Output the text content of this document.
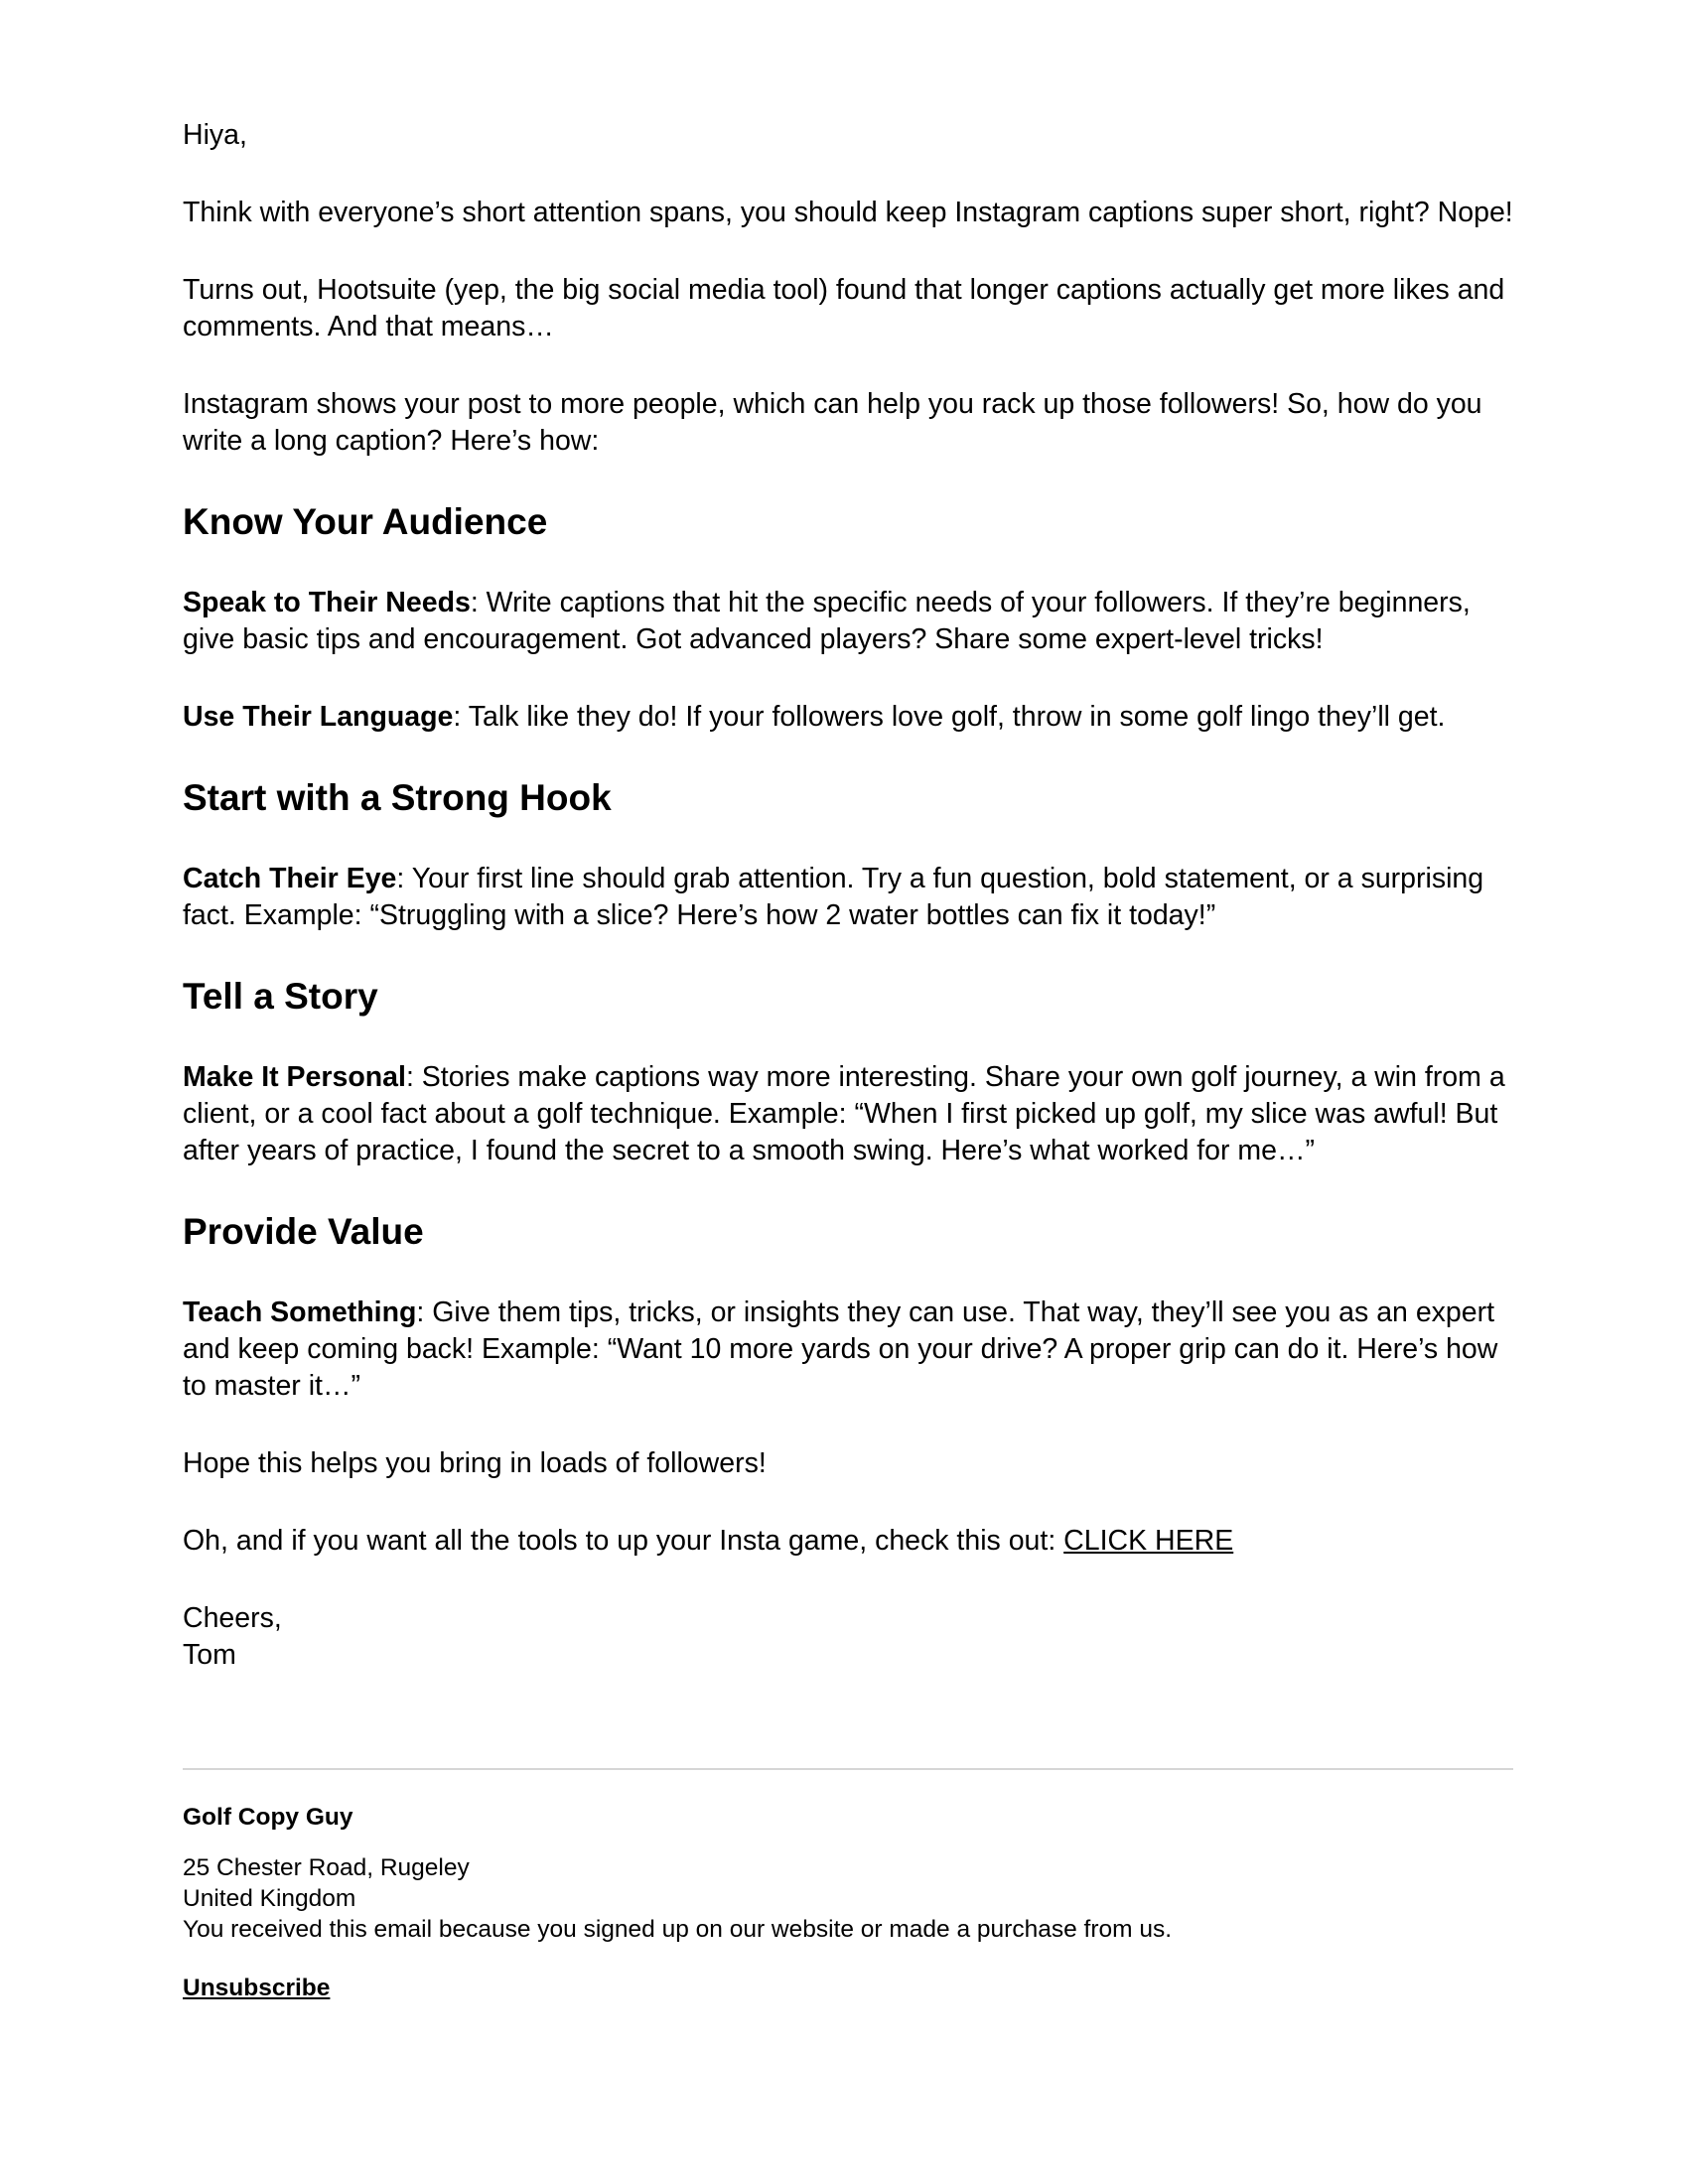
Hiya,

Think with everyone’s short attention spans, you should keep Instagram captions super short, right? Nope!

Turns out, Hootsuite (yep, the big social media tool) found that longer captions actually get more likes and comments. And that means…

Instagram shows your post to more people, which can help you rack up those followers! So, how do you write a long caption? Here’s how:

Know Your Audience

Speak to Their Needs: Write captions that hit the specific needs of your followers. If they’re beginners, give basic tips and encouragement. Got advanced players? Share some expert-level tricks!

Use Their Language: Talk like they do! If your followers love golf, throw in some golf lingo they’ll get.

Start with a Strong Hook

Catch Their Eye: Your first line should grab attention. Try a fun question, bold statement, or a surprising fact. Example: “Struggling with a slice? Here’s how 2 water bottles can fix it today!”

Tell a Story

Make It Personal: Stories make captions way more interesting. Share your own golf journey, a win from a client, or a cool fact about a golf technique. Example: “When I first picked up golf, my slice was awful! But after years of practice, I found the secret to a smooth swing. Here’s what worked for me…”

Provide Value

Teach Something: Give them tips, tricks, or insights they can use. That way, they’ll see you as an expert and keep coming back! Example: “Want 10 more yards on your drive? A proper grip can do it. Here’s how to master it…”

Hope this helps you bring in loads of followers!

Oh, and if you want all the tools to up your Insta game, check this out: CLICK HERE

Cheers,
Tom

Golf Copy Guy
25 Chester Road, Rugeley
United Kingdom
You received this email because you signed up on our website or made a purchase from us.
Unsubscribe
